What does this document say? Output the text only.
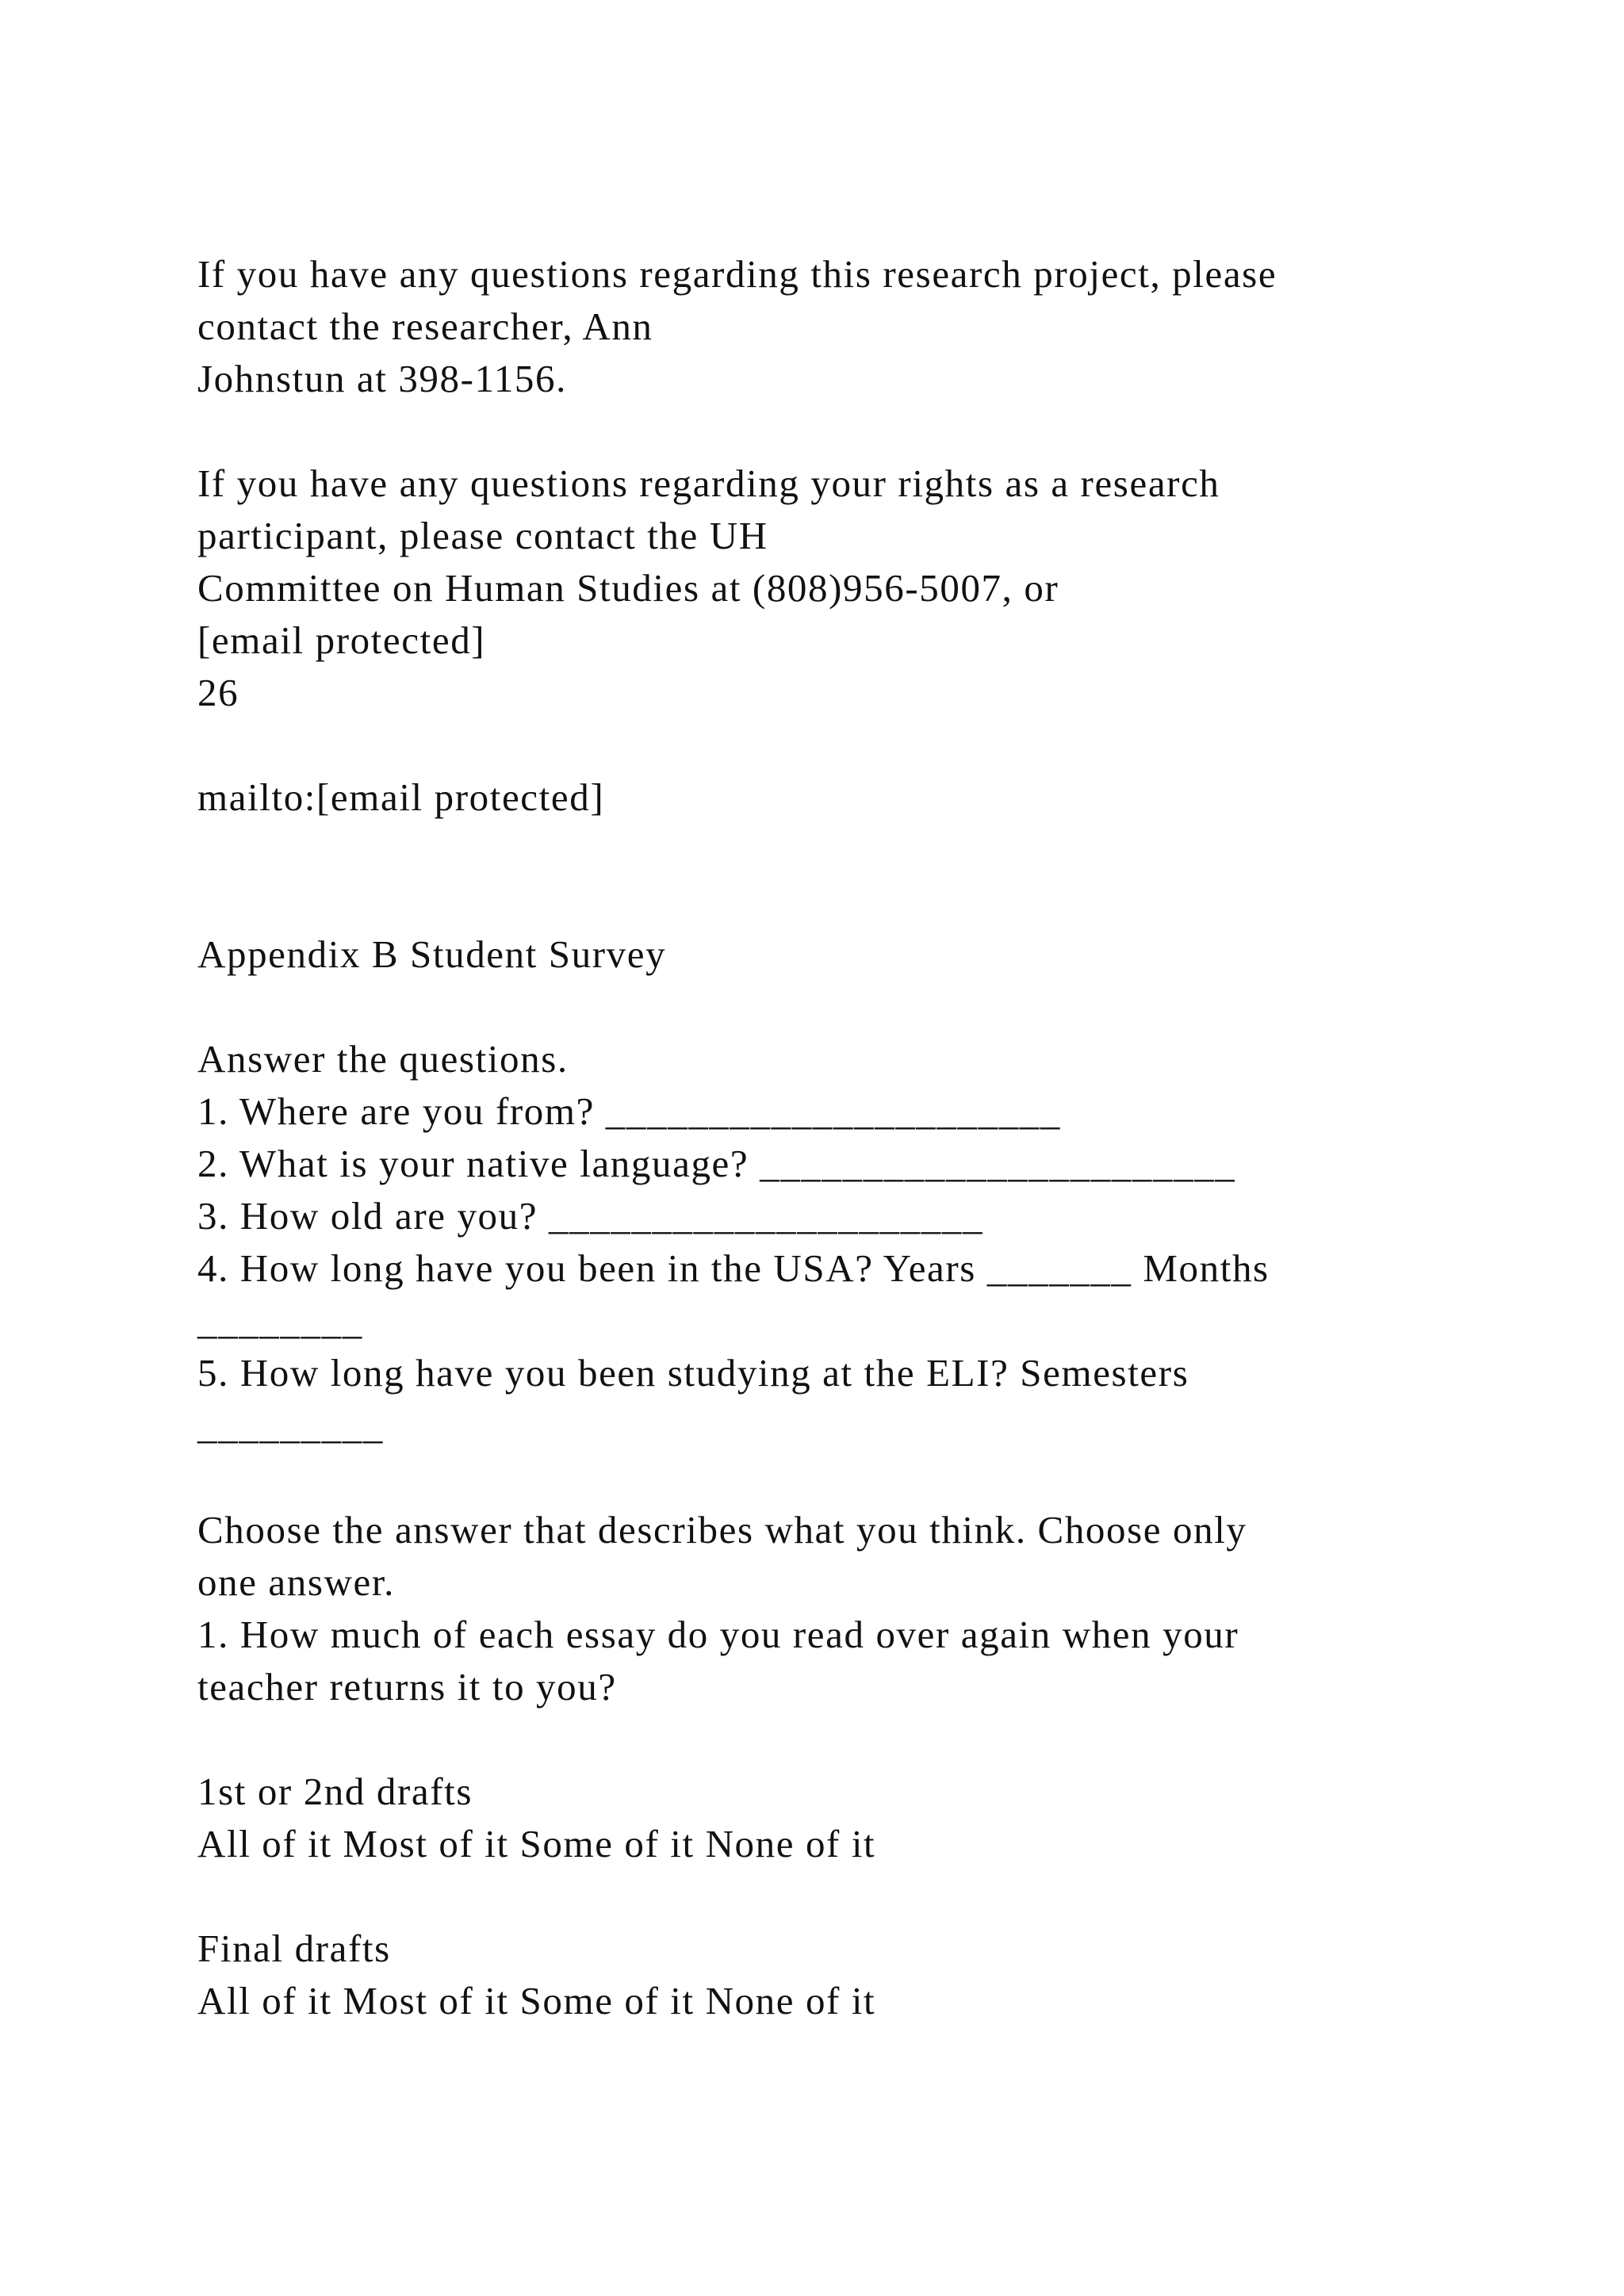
If you have any questions regarding this research project, please
contact the researcher, Ann
Johnstun at 398-1156.
If you have any questions regarding your rights as a research
participant, please contact the UH
Committee on Human Studies at (808)956-5007, or
[email protected]
26
mailto:[email protected]
Appendix B Student Survey
Answer the questions.
1. Where are you from? ______________________
2. What is your native language? _______________________
3. How old are you? _____________________
4. How long have you been in the USA? Years _______ Months
________
5. How long have you been studying at the ELI? Semesters
_________
Choose the answer that describes what you think. Choose only
one answer.
1. How much of each essay do you read over again when your
teacher returns it to you?
1st or 2nd drafts
All of it Most of it Some of it None of it
Final drafts
All of it Most of it Some of it None of it
